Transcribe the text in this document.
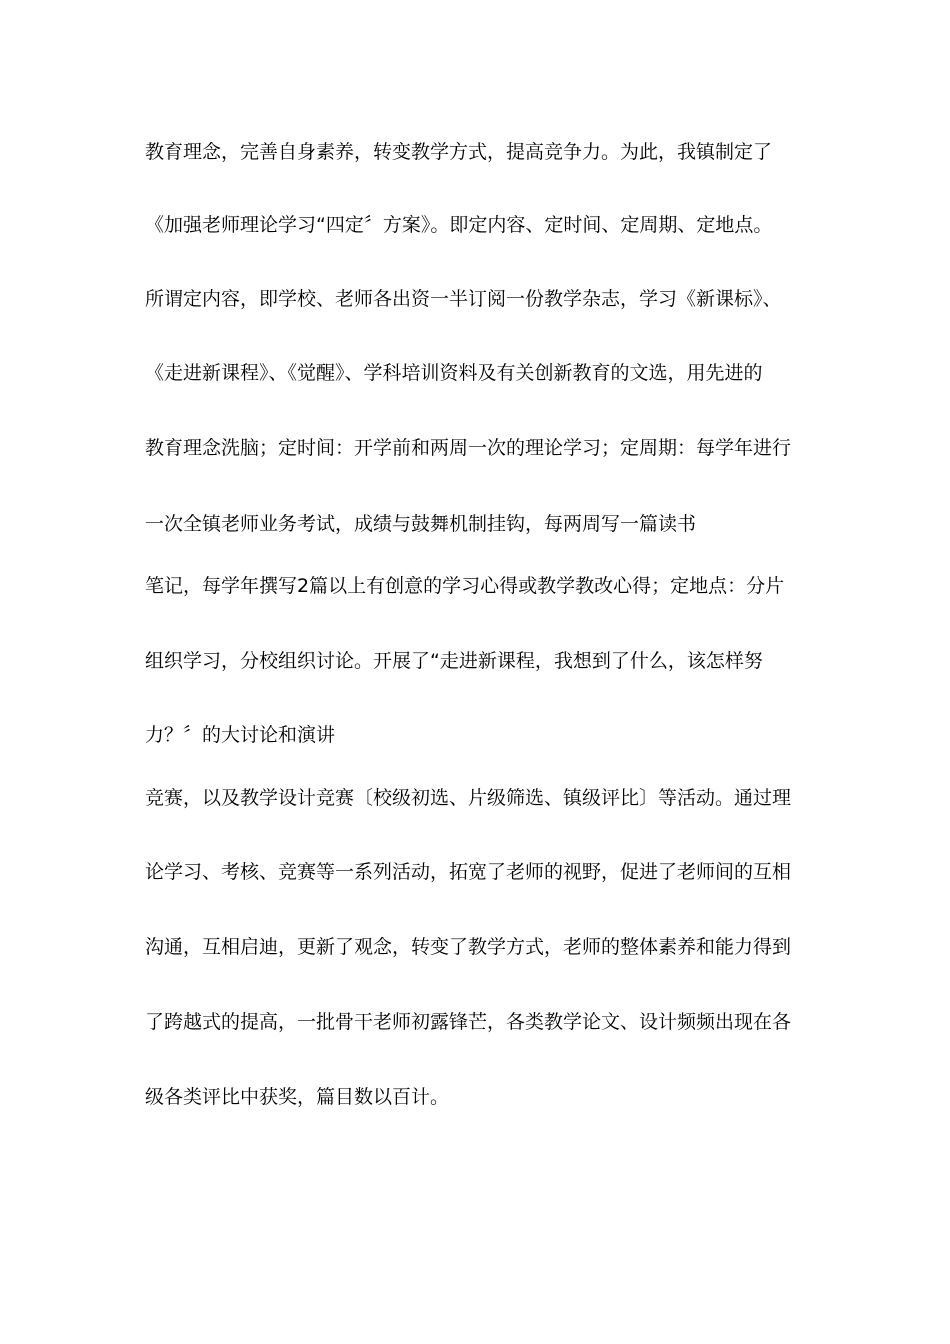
教育理念，完善自身素养，转变教学方式，提高竞争力。为此，我镇制定了
《加强老师理论学习“四定〞方案》。即定内容、定时间、定周期、定地点。
所谓定内容，即学校、老师各出资一半订阅一份教学杂志，学习《新课标》、
《走进新课程》、《觉醒》、学科培训资料及有关创新教育的文选，用先进的
教育理念洗脑；定时间：开学前和两周一次的理论学习；定周期：每学年进行
一次全镇老师业务考试，成绩与鼓舞机制挂钩，每两周写一篇读书
笔记，每学年撰写2篇以上有创意的学习心得或教学教改心得；定地点：分片
组织学习，分校组织讨论。开展了“走进新课程，我想到了什么，该怎样努
力？〞的大讨论和演讲
竞赛，以及教学设计竞赛〔校级初选、片级筛选、镇级评比〕等活动。通过理
论学习、考核、竞赛等一系列活动，拓宽了老师的视野，促进了老师间的互相
沟通，互相启迪，更新了观念，转变了教学方式，老师的整体素养和能力得到
了跨越式的提高，一批骨干老师初露锋芒，各类教学论文、设计频频出现在各
级各类评比中获奖，篇目数以百计。
